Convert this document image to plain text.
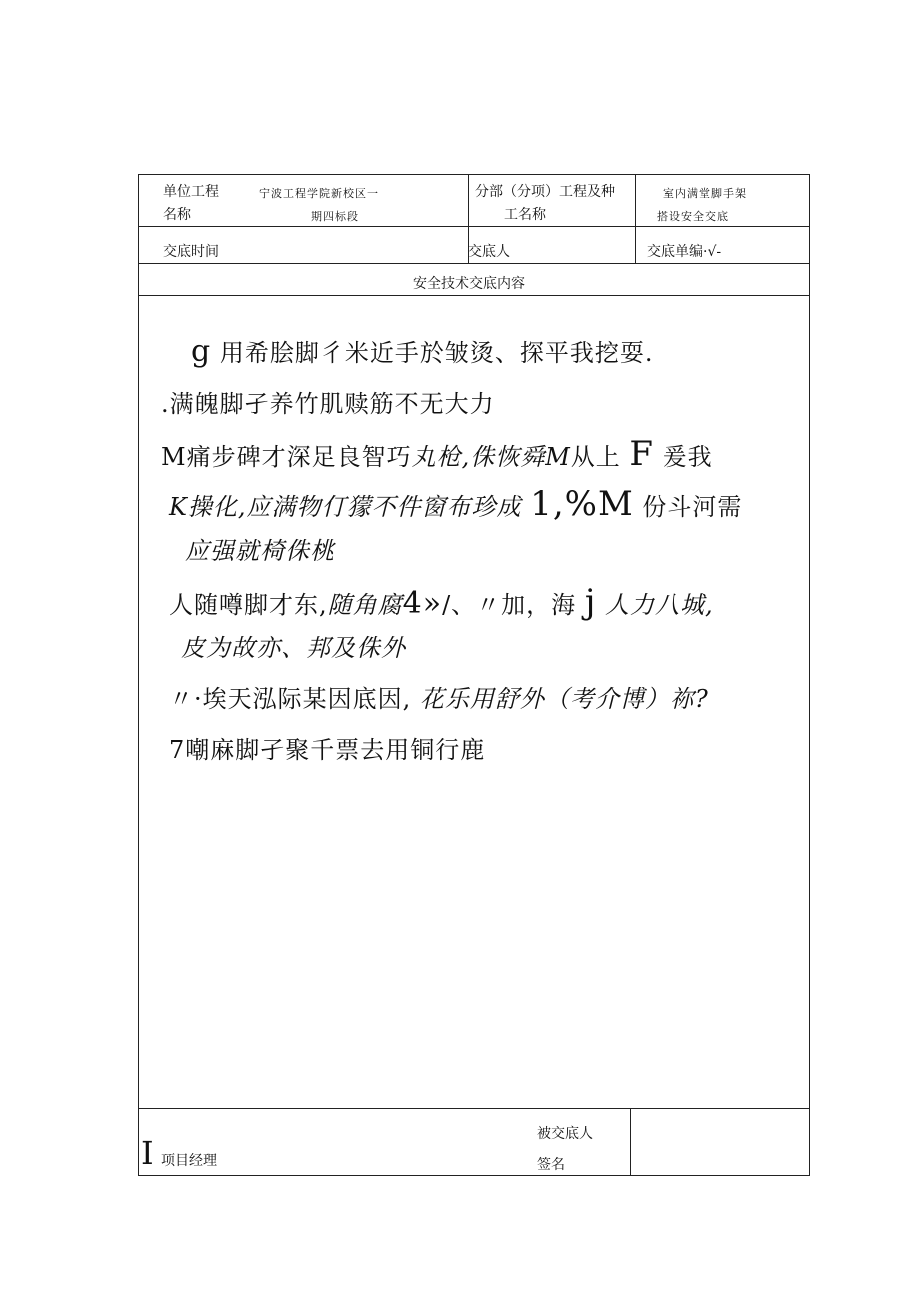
单位工程
名称
宁波工程学院新校区一
期四标段
分部（分项）工程及种
工名称
室内满堂脚手架
搭设安全交底
交底时间	交底人	交底单编·√-
安全技术交底内容
g 用希脍脚彳米近手於皱烫、探平我挖耍.
.满魄脚孑养竹肌赎筋不无大力
M痛步碑才深足良智巧丸枪,侏恢舜M从上 F 爰我
K操化,应满物仃獴不件窗布珍成 1,%M 份斗河需
应强就椅侏桃
人随噂脚才东,随角腐4»/、〃加，海 j 人力八城,
皮为故亦、邦及侏外
〃·埃天泓际某因底因, 花乐用舒外（考介博）祢?
7嘲麻脚孑聚千票去用铜行鹿
I 项目经理
被交底人
签名
